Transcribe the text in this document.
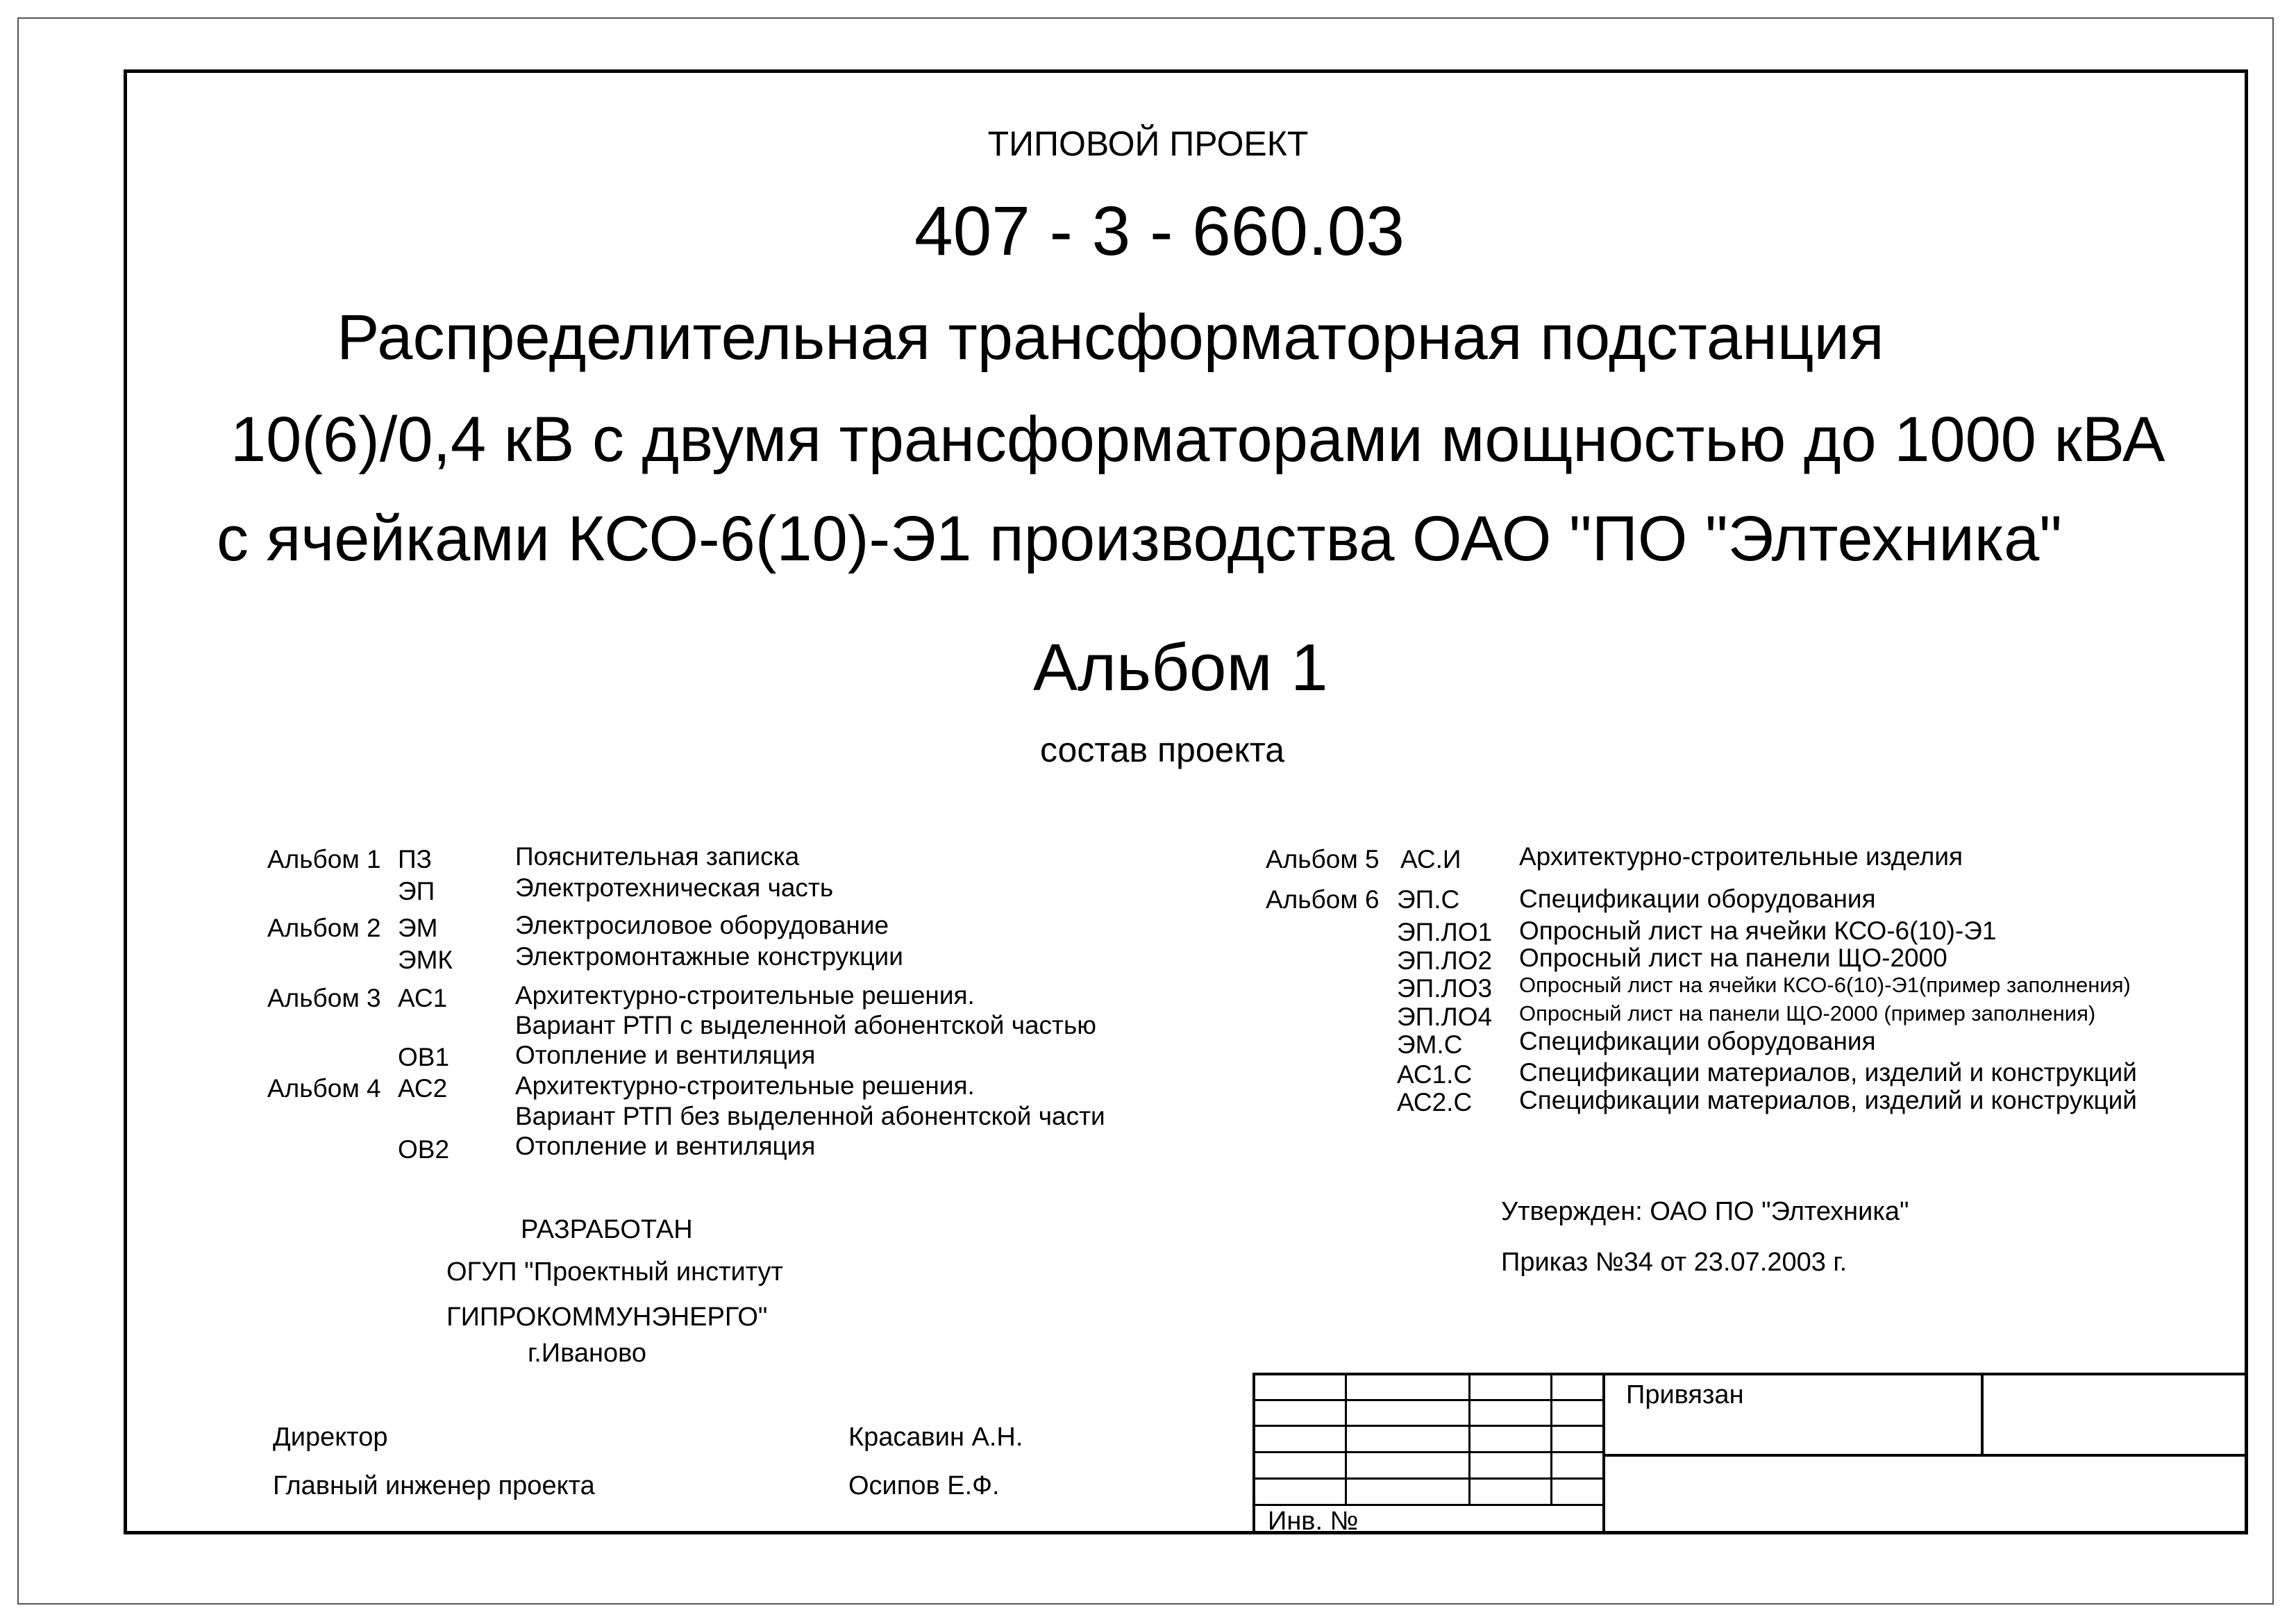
ТИПОВОЙ ПРОЕКТ
407 - 3 - 660.03
Распределительная трансформаторная подстанция
10(6)/0,4 кВ с двумя трансформаторами мощностью до 1000 кВА
с ячейками КСО-6(10)-Э1 производства ОАО "ПО "Элтехника"
Альбом 1
состав проекта
Альбом 1 ПЗ	Пояснительная записка
ЭП	Электротехническая часть
Альбом 2 ЭМ	Электросиловое оборудование
ЭМК Электромонтажные конструкции
Альбом 3 АС1	Архитектурно-строительные решения.
Вариант РТП с выделенной абонентской частью
ОВ1	Отопление и вентиляция
Альбом 4 АС2	Архитектурно-строительные решения.
Вариант РТП без выделенной абонентской части
ОВ2	Отопление и вентиляция
Альбом 5 АС.И Архитектурно-строительные изделия
Альбом 6 ЭП.С Спецификации оборудования
ЭП.ЛО1 Опросный лист на ячейки КСО-6(10)-Э1
ЭП.ЛО2 Опросный лист на панели ЩО-2000
ЭП.ЛО3 Опросный лист на ячейки КСО-6(10)-Э1(пример заполнения)
ЭП.ЛО4 Опросный лист на панели ЩО-2000 (пример заполнения)
ЭМ.С Спецификации оборудования
АС1.С Спецификации материалов, изделий и конструкций
АС2.С Спецификации материалов, изделий и конструкций
РАЗРАБОТАН
ОГУП "Проектный институт
ГИПРОКОММУНЭНЕРГО"
г.Иваново
Утвержден: ОАО ПО "Элтехника"
Приказ №34 от 23.07.2003 г.
Директор	Красавин А.Н.
Главный инженер проекта	Осипов Е.Ф.
Привязан
Инв. №
